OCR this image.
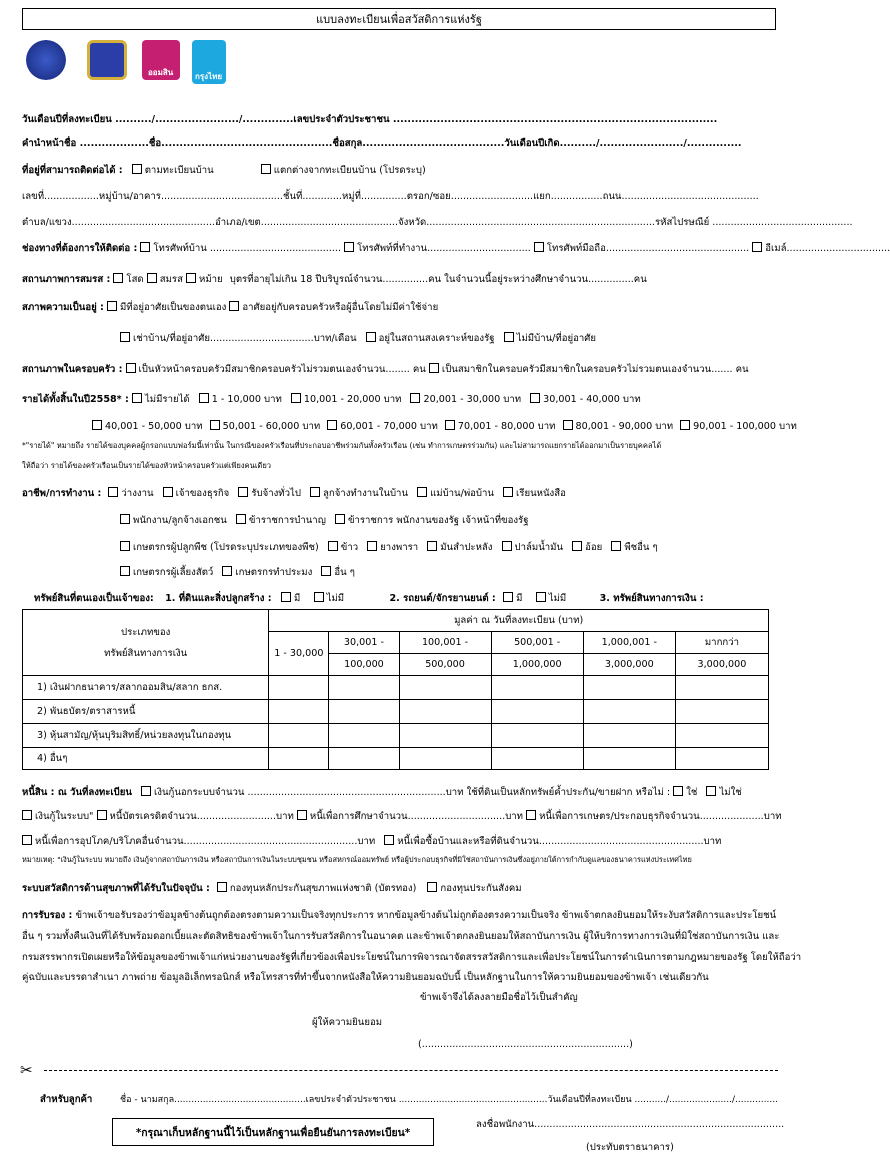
แบบลงทะเบียนเพื่อสวัสดิการแห่งรัฐ
ออมสิน	กรุงไทย
วันเดือนปีที่ลงทะเบียน ........../......................./..............เลขประจำตัวประชาชน .........................................................................................
คำนำหน้าชื่อ ...................ชื่อ...............................................ชื่อสกุล.......................................วันเดือนปีเกิด........../......................./...............
ที่อยู่ที่สามารถติดต่อได้ : ตามทะเบียนบ้าน	แตกต่างจากทะเบียนบ้าน (โปรดระบุ)
เลขที่..................หมู่บ้าน/อาคาร........................................ชั้นที่.............หมู่ที่...............ตรอก/ซอย...........................แยก.................ถนน.............................................
ตำบล/แขวง...............................................อำเภอ/เขต.............................................จังหวัด...........................................................................รหัสไปรษณีย์ ..............................................
ช่องทางที่ต้องการให้ติดต่อ : โทรศัพท์บ้าน ........................................... โทรศัพท์ที่ทำงาน.................................. โทรศัพท์มือถือ............................................... อีเมล์..................................
สถานภาพการสมรส : โสด สมรส หม้าย บุตรที่อายุไม่เกิน 18 ปีบริบูรณ์จำนวน...............คน ในจำนวนนี้อยู่ระหว่างศึกษาจำนวน...............คน
สภาพความเป็นอยู่ : มีที่อยู่อาศัยเป็นของตนเอง อาศัยอยู่กับครอบครัวหรือผู้อื่นโดยไม่มีค่าใช้จ่าย
เช่าบ้าน/ที่อยู่อาศัย..................................บาท/เดือน อยู่ในสถานสงเคราะห์ของรัฐ ไม่มีบ้าน/ที่อยู่อาศัย
สถานภาพในครอบครัว : เป็นหัวหน้าครอบครัวมีสมาชิกครอบครัวไม่รวมตนเองจำนวน........ คน เป็นสมาชิกในครอบครัวมีสมาชิกในครอบครัวไม่รวมตนเองจำนวน....... คน
รายได้ทั้งสิ้นในปี2558* : ไม่มีรายได้ 1 - 10,000 บาท 10,001 - 20,000 บาท 20,001 - 30,000 บาท 30,001 - 40,000 บาท
40,001 - 50,000 บาท 50,001 - 60,000 บาท 60,001 - 70,000 บาท 70,001 - 80,000 บาท 80,001 - 90,000 บาท 90,001 - 100,000 บาท
*"รายได้" หมายถึง รายได้ของบุคคลผู้กรอกแบบฟอร์มนี้เท่านั้น ในกรณีของครัวเรือนที่ประกอบอาชีพร่วมกันทั้งครัวเรือน (เช่น ทำการเกษตรร่วมกัน) และไม่สามารถแยกรายได้ออกมาเป็นรายบุคคลได้
ให้ถือว่า รายได้ของครัวเรือนเป็นรายได้ของหัวหน้าครอบครัวแต่เพียงคนเดียว
อาชีพ/การทำงาน : ว่างงาน เจ้าของธุรกิจ รับจ้างทั่วไป ลูกจ้างทำงานในบ้าน แม่บ้าน/พ่อบ้าน เรียนหนังสือ
พนักงาน/ลูกจ้างเอกชน ข้าราชการบำนาญ ข้าราชการ พนักงานของรัฐ เจ้าหน้าที่ของรัฐ
เกษตรกรผู้ปลูกพืช (โปรดระบุประเภทของพืช) ข้าว ยางพารา มันสำปะหลัง ปาล์มน้ำมัน อ้อย พืชอื่น ๆ
เกษตรกรผู้เลี้ยงสัตว์ เกษตรกรทำประมง อื่น ๆ
ทรัพย์สินที่ตนเองเป็นเจ้าของ: 1. ที่ดินและสิ่งปลูกสร้าง : มี	ไม่มี	2. รถยนต์/จักรยานยนต์ : มี	ไม่มี	3. ทรัพย์สินทางการเงิน :
ประเภทของ
ทรัพย์สินทางการเงิน	มูลค่า ณ วันที่ลงทะเบียน (บาท)					
	1 - 30,000	30,001 -	100,001 -	500,001 -	1,000,001 -	มากกว่า
		100,000	500,000	1,000,000	3,000,000	3,000,000
1) เงินฝากธนาคาร/สลากออมสิน/สลาก ธกส.						
2) พันธบัตร/ตราสารหนี้						
3) หุ้นสามัญ/หุ้นบุริมสิทธิ์/หน่วยลงทุนในกองทุน						
4) อื่นๆ						
หนี้สิน : ณ วันที่ลงทะเบียน เงินกู้นอกระบบจำนวน .................................................................บาท ใช้ที่ดินเป็นหลักทรัพย์ค้ำประกัน/ขายฝาก หรือไม่ : ใช่ ไม่ใช่
เงินกู้ในระบบ" หนี้บัตรเครดิตจำนวน..........................บาท หนี้เพื่อการศึกษาจำนวน................................บาท หนี้เพื่อการเกษตร/ประกอบธุรกิจจำนวน.....................บาท
หนี้เพื่อการอุปโภค/บริโภคอื่นจำนวน.........................................................บาท หนี้เพื่อซื้อบ้านและหรือที่ดินจำนวน......................................................บาท
หมายเหตุ: "เงินกู้ในระบบ หมายถึง เงินกู้จากสถาบันการเงิน หรือสถาบันการเงินในระบบชุมชน หรือสหกรณ์ออมทรัพย์ หรือผู้ประกอบธุรกิจที่มิใช่สถาบันการเงินซึ่งอยู่ภายใต้การกำกับดูแลของธนาคารแห่งประเทศไทย
ระบบสวัสดิการด้านสุขภาพที่ได้รับในปัจจุบัน : กองทุนหลักประกันสุขภาพแห่งชาติ (บัตรทอง)	กองทุนประกันสังคม
การรับรอง : ข้าพเจ้าขอรับรองว่าข้อมูลข้างต้นถูกต้องตรงตามความเป็นจริงทุกประการ หากข้อมูลข้างต้นไม่ถูกต้องตรงความเป็นจริง ข้าพเจ้าตกลงยินยอมให้ระงับสวัสดิการและประโยชน์
อื่น ๆ รวมทั้งคืนเงินที่ได้รับพร้อมดอกเบี้ยและตัดสิทธิของข้าพเจ้าในการรับสวัสดิการในอนาคต และข้าพเจ้าตกลงยินยอมให้สถาบันการเงิน ผู้ให้บริการทางการเงินที่มิใช่สถาบันการเงิน และ
กรมสรรพากรเปิดเผยหรือให้ข้อมูลของข้าพเจ้าแก่หน่วยงานของรัฐที่เกี่ยวข้องเพื่อประโยชน์ในการพิจารณาจัดสรรสวัสดิการและเพื่อประโยชน์ในการดำเนินการตามกฎหมายของรัฐ โดยให้ถือว่า
คู่ฉบับและบรรดาสำเนา ภาพถ่าย ข้อมูลอิเล็กทรอนิกส์ หรือโทรสารที่ทำขึ้นจากหนังสือให้ความยินยอมฉบับนี้ เป็นหลักฐานในการให้ความยินยอมของข้าพเจ้า เช่นเดียวกัน
ข้าพเจ้าจึงได้ลงลายมือชื่อไว้เป็นสำคัญ
ผู้ให้ความยินยอม
(....................................................................)
✂
สำหรับลูกค้า	ชื่อ - นามสกุล..............................................เลขประจำตัวประชาชน ....................................................วันเดือนปีที่ลงทะเบียน .........../....................../...............
*กรุณาเก็บหลักฐานนี้ไว้เป็นหลักฐานเพื่อยืนยันการลงทะเบียน*
ลงชื่อพนักงาน..................................................................................
(ประทับตราธนาคาร)
